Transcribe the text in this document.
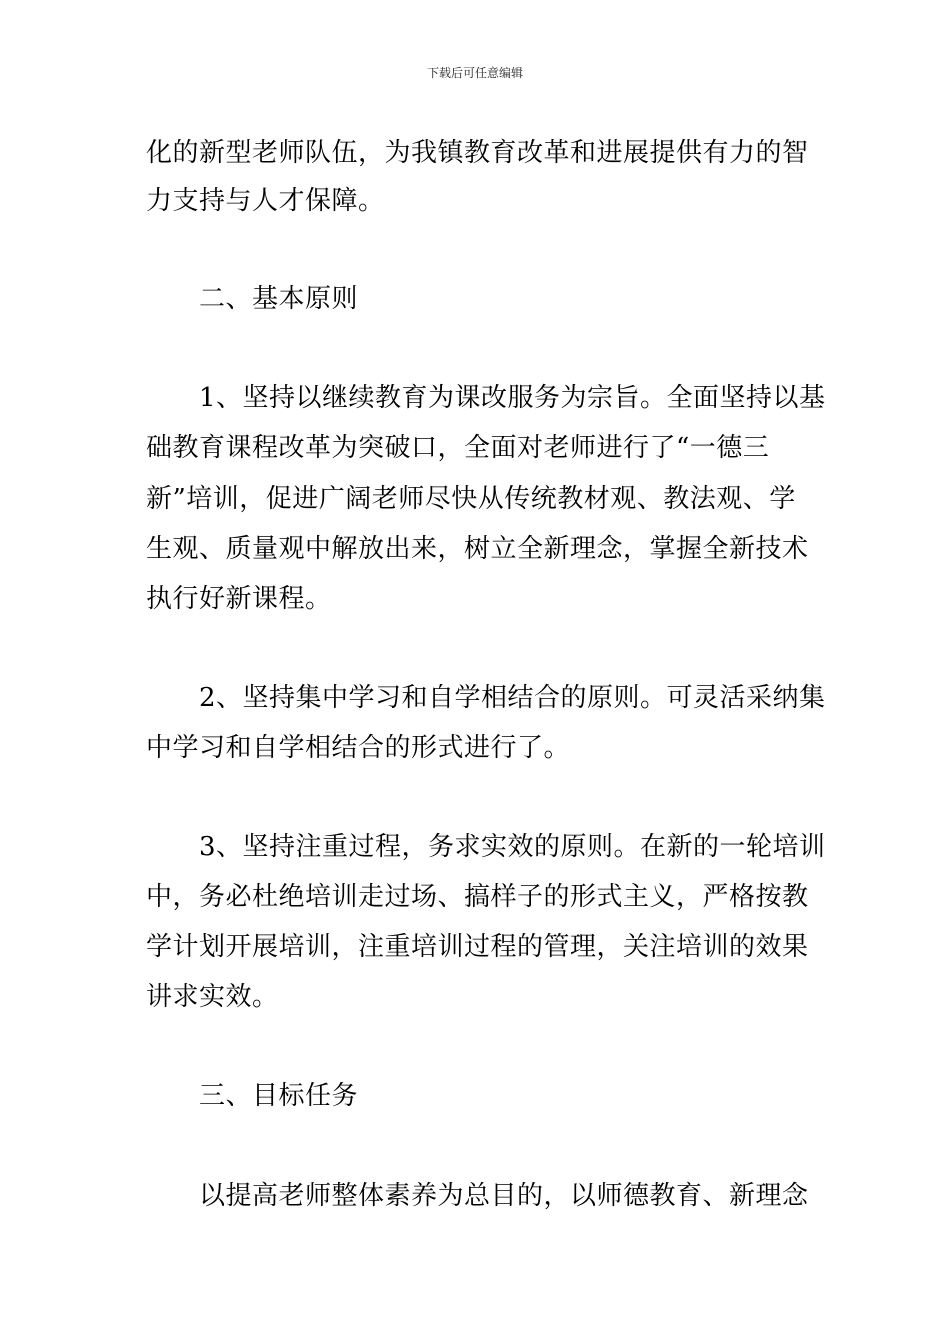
下载后可任意编辑
化的新型老师队伍，为我镇教育改革和进展提供有力的智
力支持与人才保障。
　　二、基本原则
　　1、坚持以继续教育为课改服务为宗旨。全面坚持以基
础教育课程改革为突破口，全面对老师进行了“一德三
新”培训，促进广阔老师尽快从传统教材观、教法观、学
生观、质量观中解放出来，树立全新理念，掌握全新技术
执行好新课程。
　　2、坚持集中学习和自学相结合的原则。可灵活采纳集
中学习和自学相结合的形式进行了。
　　3、坚持注重过程，务求实效的原则。在新的一轮培训
中，务必杜绝培训走过场、搞样子的形式主义，严格按教
学计划开展培训，注重培训过程的管理，关注培训的效果
讲求实效。
　　三、目标任务
　　以提高老师整体素养为总目的，以师德教育、新理念
